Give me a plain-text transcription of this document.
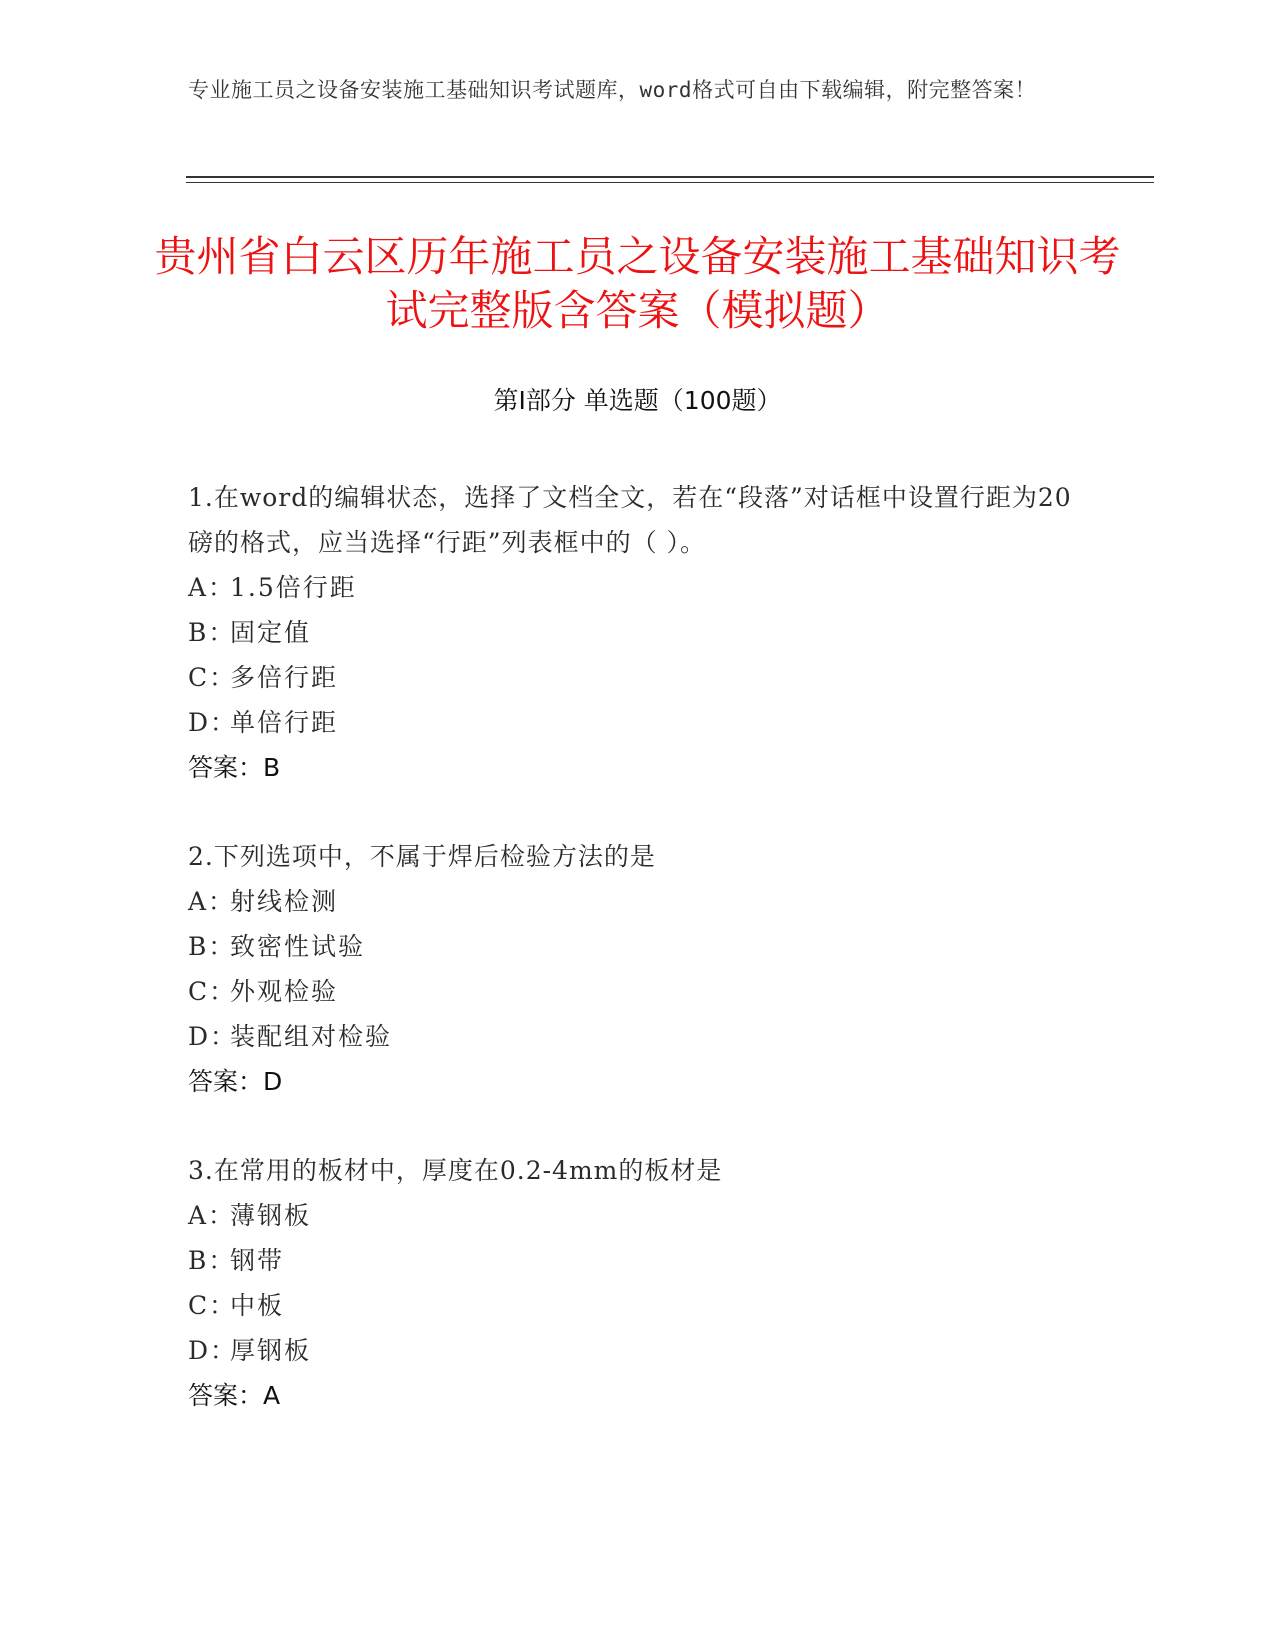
专业施工员之设备安装施工基础知识考试题库，word格式可自由下载编辑，附完整答案！
贵州省白云区历年施工员之设备安装施工基础知识考试完整版含答案（模拟题）
第Ⅰ部分 单选题（100题）
1.在word的编辑状态，选择了文档全文，若在“段落”对话框中设置行距为20磅的格式，应当选择“行距”列表框中的（ ）。
A：1.5倍行距
B：固定值
C：多倍行距
D：单倍行距
答案：B
2.下列选项中，不属于焊后检验方法的是
A：射线检测
B：致密性试验
C：外观检验
D：装配组对检验
答案：D
3.在常用的板材中，厚度在0.2-4mm的板材是
A：薄钢板
B：钢带
C：中板
D：厚钢板
答案：A
